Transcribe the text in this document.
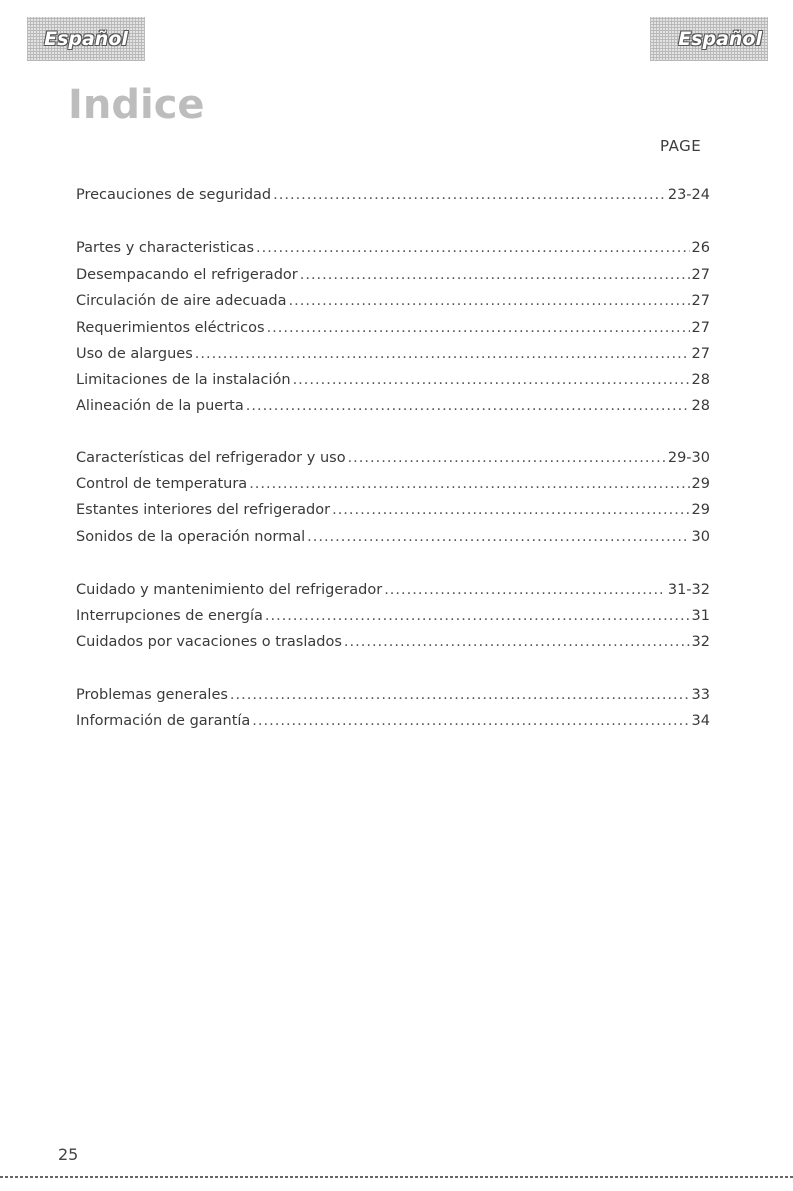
Español	Español
Indice
PAGE
Precauciones de seguridad .....	23-24
Partes y characteristicas .....	26
Desempacando el refrigerador .....	27
Circulación de aire adecuada .....	27
Requerimientos eléctricos .....	27
Uso de alargues .....	27
Limitaciones de la instalación .....	28
Alineación de la puerta .....	28
Características del refrigerador y uso .....	29-30
Control de temperatura .....	29
Estantes interiores del refrigerador .....	29
Sonidos de la operación normal .....	30
Cuidado y mantenimiento del refrigerador .....	31-32
Interrupciones de energía .....	31
Cuidados por vacaciones o traslados .....	32
Problemas generales .....	33
Información de garantía .....	34
25
